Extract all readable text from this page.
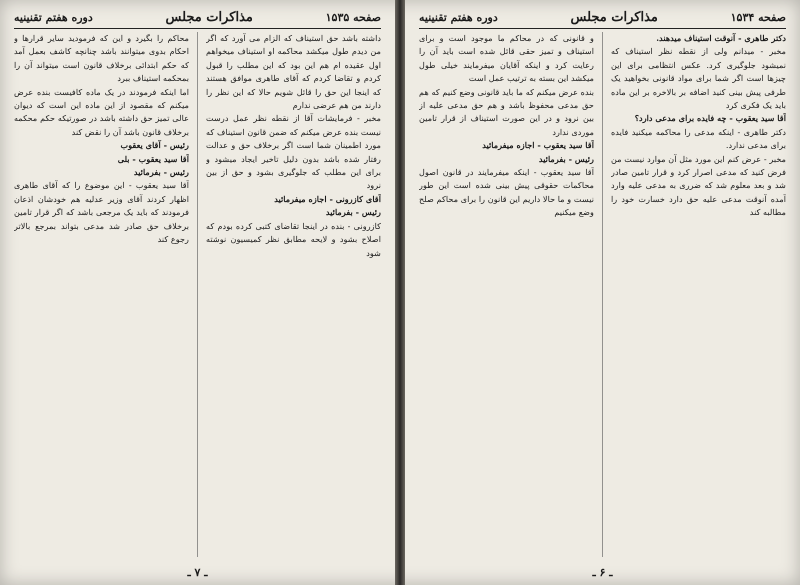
صفحه ۱۵۳۵
مذاکرات مجلس
دوره هفتم تقنینیه

داشته باشد حق استیناف که الزام می آورد که اگر من دیدم طول میکشد محاکمه او استیناف میخواهم اول عقیده ام هم این بود که این مطلب را قبول کردم و تقاضا کردم که آقای طاهری موافق هستند که اینجا این حق را قائل شویم حالا که این نظر را دارند من هم عرضی ندارم

مخبر - فرمایشات آقا از نقطه نظر عمل درست نیست بنده عرض میکنم که ضمن قانون استیناف که مورد اطمینان شما است اگر برخلاف حق و عدالت رفتار شده باشد بدون دلیل تاخیر ایجاد میشود و برای این مطلب که جلوگیری بشود و حق از بین نرود

آقای کازرونی - اجازه میفرمائید

رئیس - بفرمائید

کازرونی - بنده در اینجا تقاضای کتبی کرده بودم که اصلاح بشود و لایحه مطابق نظر کمیسیون نوشته شود

محاکم را بگیرد و این که فرمودید سایر قرارها و احکام بدوی میتوانند باشد چنانچه کاشف بعمل آمد که حکم ابتدائی برخلاف قانون است میتواند آن را بمحکمه استیناف ببرد

اما اینکه فرمودند در یک ماده کافیست بنده عرض میکنم که مقصود از این ماده این است که دیوان عالی تمیز حق داشته باشد در صورتیکه حکم محکمه برخلاف قانون باشد آن را نقض کند

رئیس - آقای یعقوب

آقا سید یعقوب - بلی

رئیس - بفرمائید

آقا سید یعقوب - این موضوع را که آقای طاهری اظهار کردند آقای وزیر عدلیه هم خودشان اذعان فرمودند که باید یک مرجعی باشد که اگر قرار تامین برخلاف حق صادر شد مدعی بتواند بمرجع بالاتر رجوع کند

ـ ۷ ـ
صفحه ۱۵۳۴
مذاکرات مجلس
دوره هفتم تقنینیه

دکتر طاهری - آنوقت استیناف میدهند.

مخبر - میدانم ولی از نقطه نظر استیناف که نمیشود جلوگیری کرد. عکس انتظامی برای این چیزها است اگر شما برای مواد قانونی بخواهید یک طرفی پیش بینی کنید اضافه بر بالاخره بر این ماده باید یک فکری کرد

آقا سید یعقوب - چه فایده برای مدعی دارد؟

دکتر طاهری - اینکه مدعی را محاکمه میکنید فایده برای مدعی ندارد.

مخبر - عرض کنم این مورد مثل آن موارد نیست من فرض کنید که مدعی اصرار کرد و قرار تامین صادر شد و بعد معلوم شد که ضرری به مدعی علیه وارد آمده آنوقت مدعی علیه حق دارد خسارت خود را مطالبه کند

و قانونی که در محاکم ما موجود است و برای استیناف و تمیز حقی قائل شده است باید آن را رعایت کرد و اینکه آقایان میفرمایند خیلی طول میکشد این بسته به ترتیب عمل است

بنده عرض میکنم که ما باید قانونی وضع کنیم که هم حق مدعی محفوظ باشد و هم حق مدعی علیه از بین نرود و در این صورت استیناف از قرار تامین موردی ندارد

آقا سید یعقوب - اجازه میفرمائید

رئیس - بفرمائید

آقا سید یعقوب - اینکه میفرمایند در قانون اصول محاکمات حقوقی پیش بینی شده است این طور نیست و ما حالا داریم این قانون را برای محاکم صلح وضع میکنیم

ـ ۶ ـ
